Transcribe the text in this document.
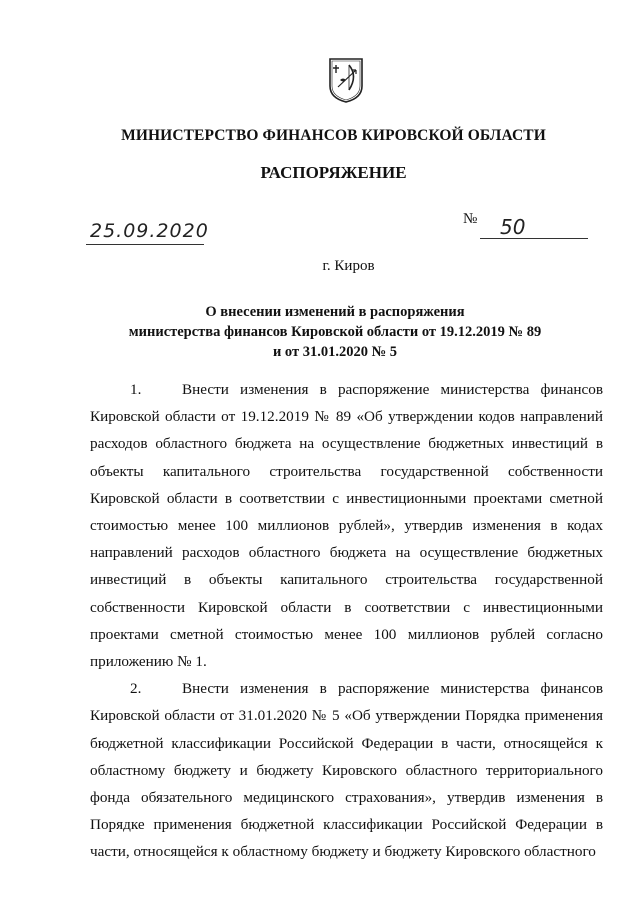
МИНИСТЕРСТВО ФИНАНСОВ КИРОВСКОЙ ОБЛАСТИ
РАСПОРЯЖЕНИЕ
25.09.2020
№ 50
г. Киров
О внесении изменений в распоряжения
министерства финансов Кировской области от 19.12.2019 № 89
и от 31.01.2020 № 5

1.	Внести изменения в распоряжение министерства финансов Кировской области от 19.12.2019 № 89 «Об утверждении кодов направлений расходов областного бюджета на осуществление бюджетных инвестиций в объекты капитального строительства государственной собственности Кировской области в соответствии с инвестиционными проектами сметной стоимостью менее 100 миллионов рублей», утвердив изменения в кодах направлений расходов областного бюджета на осуществление бюджетных инвестиций в объекты капитального строительства государственной собственности Кировской области в соответствии с инвестиционными проектами сметной стоимостью менее 100 миллионов рублей согласно приложению № 1.

2.	Внести изменения в распоряжение министерства финансов Кировской области от 31.01.2020 № 5 «Об утверждении Порядка применения бюджетной классификации Российской Федерации в части, относящейся к областному бюджету и бюджету Кировского областного территориального фонда обязательного медицинского страхования», утвердив изменения в Порядке применения бюджетной классификации Российской Федерации в части, относящейся к областному бюджету и бюджету Кировского областного
